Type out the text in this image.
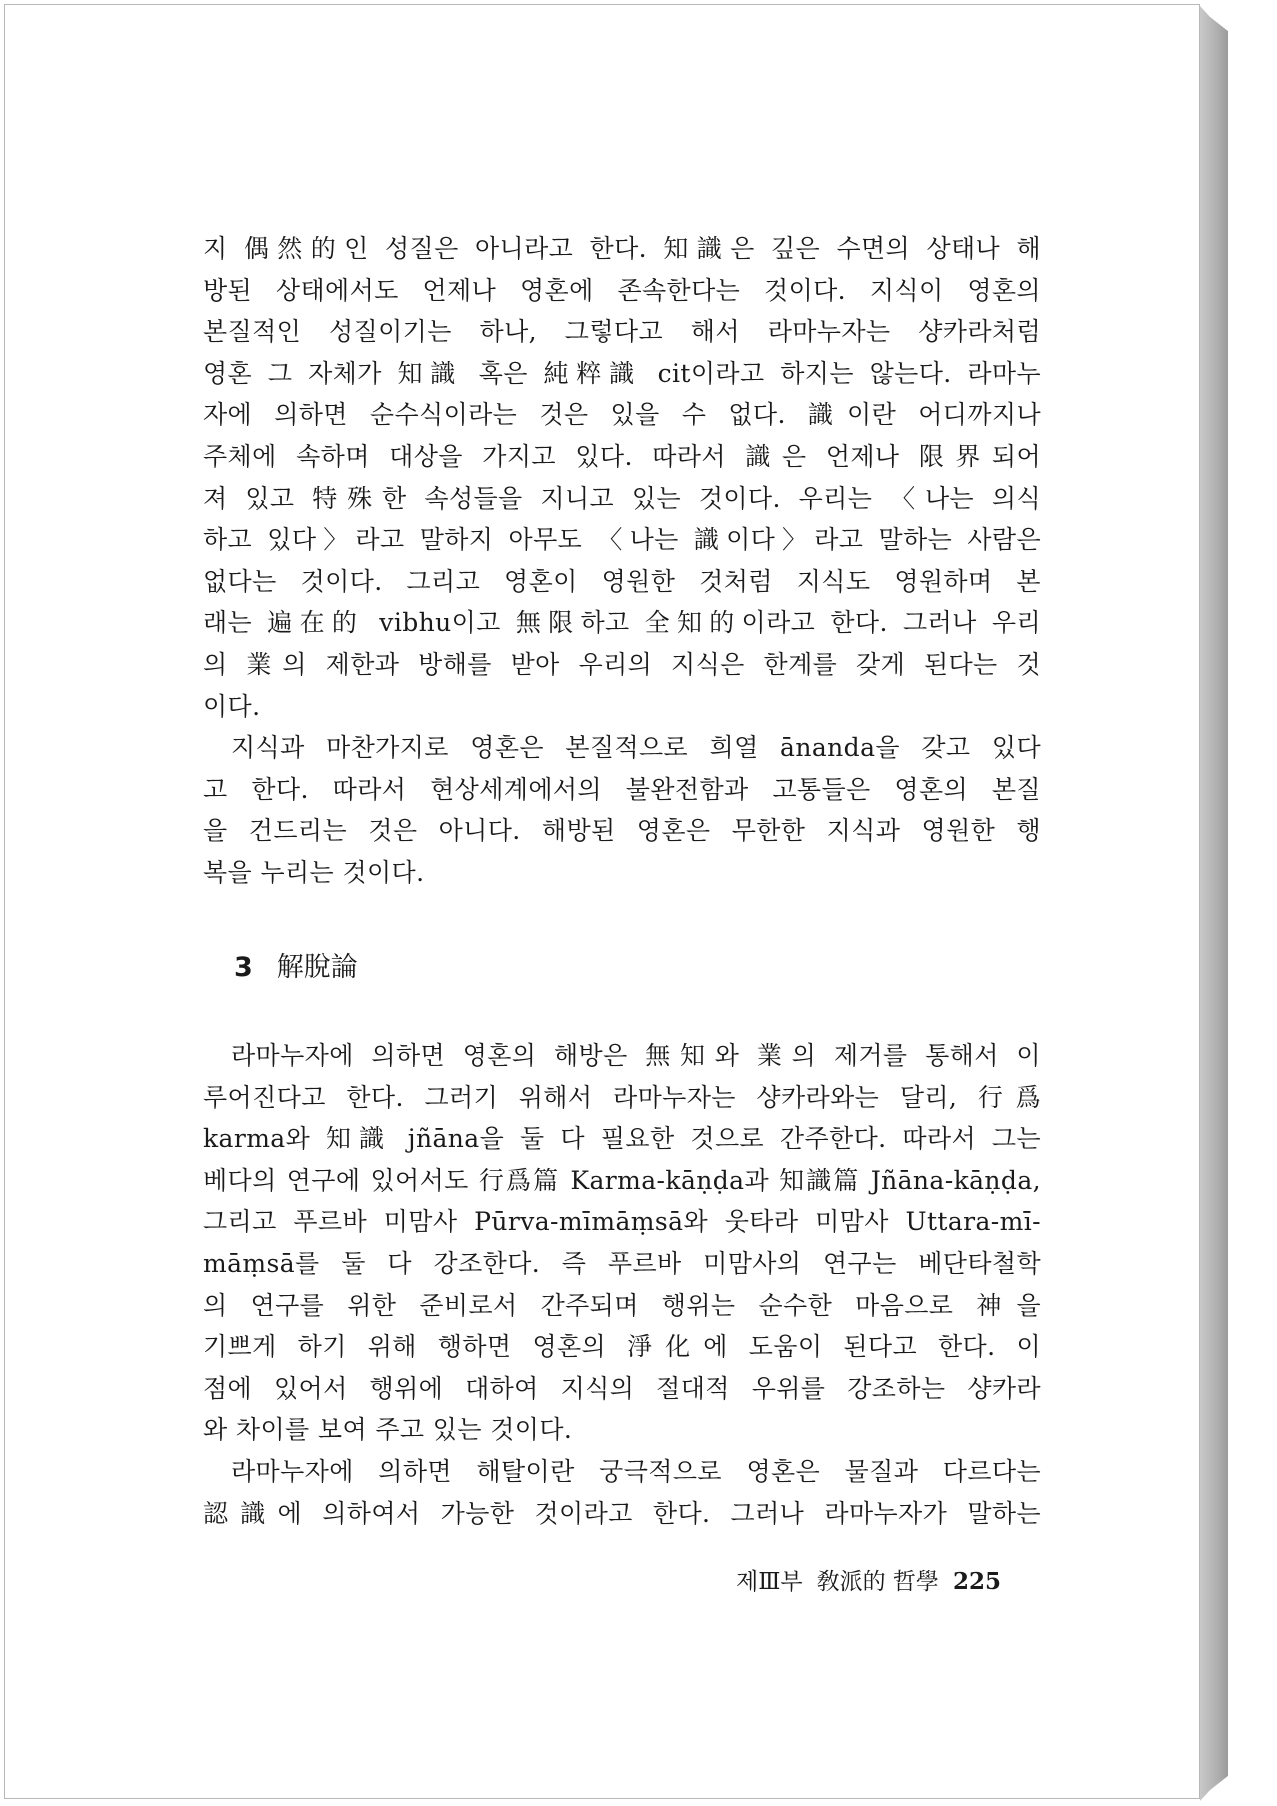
지 偶然的인 성질은 아니라고 한다. 知識은 깊은 수면의 상태나 해
방된 상태에서도 언제나 영혼에 존속한다는 것이다. 지식이 영혼의
본질적인 성질이기는 하나, 그렇다고 해서 라마누자는 샹카라처럼
영혼 그 자체가 知識 혹은 純粹識 cit이라고 하지는 않는다. 라마누
자에 의하면 순수식이라는 것은 있을 수 없다. 識이란 어디까지나
주체에 속하며 대상을 가지고 있다. 따라서 識은 언제나 限界되어
져 있고 特殊한 속성들을 지니고 있는 것이다. 우리는 〈나는 의식
하고 있다〉라고 말하지 아무도 〈나는 識이다〉라고 말하는 사람은
없다는 것이다. 그리고 영혼이 영원한 것처럼 지식도 영원하며 본
래는 遍在的 vibhu이고 無限하고 全知的이라고 한다. 그러나 우리
의 業의 제한과 방해를 받아 우리의 지식은 한계를 갖게 된다는 것
이다.
지식과 마찬가지로 영혼은 본질적으로 희열 ānanda을 갖고 있다
고 한다. 따라서 현상세계에서의 불완전함과 고통들은 영혼의 본질
을 건드리는 것은 아니다. 해방된 영혼은 무한한 지식과 영원한 행
복을 누리는 것이다.
3 解脫論
라마누자에 의하면 영혼의 해방은 無知와 業의 제거를 통해서 이
루어진다고 한다. 그러기 위해서 라마누자는 샹카라와는 달리, 行爲
karma와 知識 jñāna을 둘 다 필요한 것으로 간주한다. 따라서 그는
베다의 연구에 있어서도 行爲篇 Karma-kāṇḍa과 知識篇 Jñāna-kāṇḍa,
그리고 푸르바 미맘사 Pūrva-mīmāṃsā와 웃타라 미맘사 Uttara-mī-
māṃsā를 둘 다 강조한다. 즉 푸르바 미맘사의 연구는 베단타철학
의 연구를 위한 준비로서 간주되며 행위는 순수한 마음으로 神을
기쁘게 하기 위해 행하면 영혼의 淨化에 도움이 된다고 한다. 이
점에 있어서 행위에 대하여 지식의 절대적 우위를 강조하는 샹카라
와 차이를 보여 주고 있는 것이다.
라마누자에 의하면 해탈이란 궁극적으로 영혼은 물질과 다르다는
認識에 의하여서 가능한 것이라고 한다. 그러나 라마누자가 말하는
제Ⅲ부 敎派的 哲學 225
